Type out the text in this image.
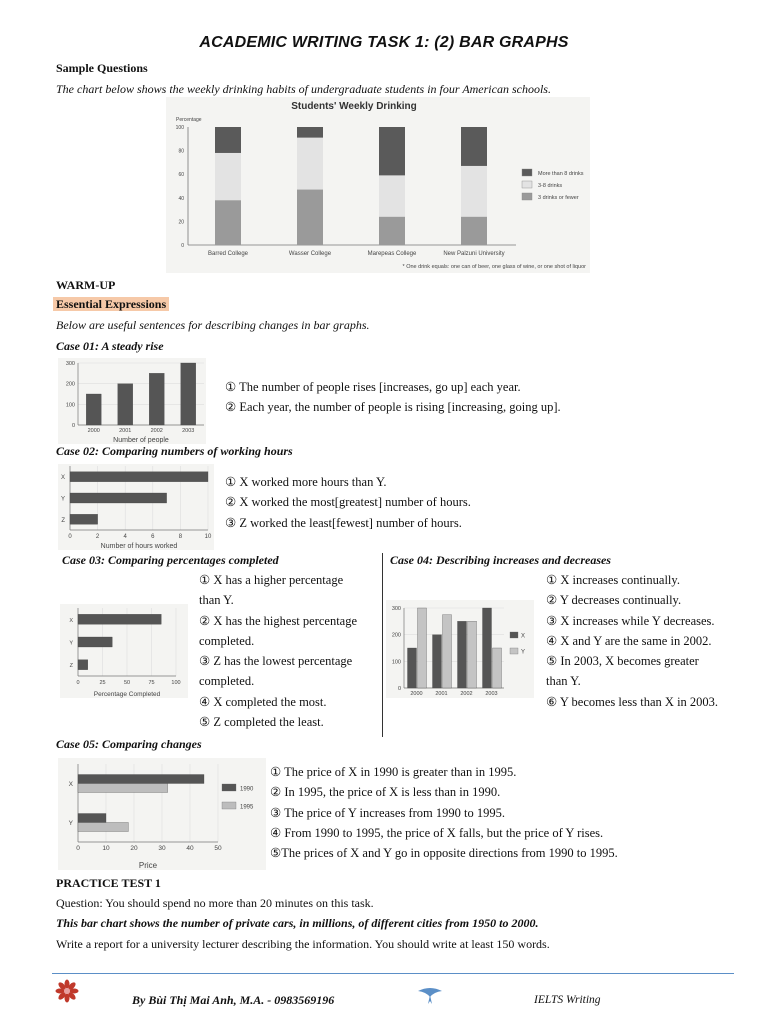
ACADEMIC WRITING TASK 1: (2) BAR GRAPHS
Sample Questions
The chart below shows the weekly drinking habits of undergraduate students in four American schools.
Students' Weekly Drinking
Percentage
0
20
40
60
80
100
Barred College	Wasser College	Marepeas College	New Palzuni University
More than 8 drinks
3-8 drinks
3 drinks or fewer
* One drink equals: one can of beer, one glass of wine, or one shot of liquor
WARM-UP
Essential Expressions
Below are useful sentences for describing changes in bar graphs.
Case 01: A steady rise
0
100
200
300
2000	2001	2002	2003
Number of people
① The number of people rises [increases, go up] each year.
② Each year, the number of people is rising [increasing, going up].
Case 02: Comparing numbers of working hours
0	2	4	6	8	10
X
Y
Z
Number of hours worked
① X worked more hours than Y.
② X worked the most[greatest] number of hours.
③ Z worked the least[fewest] number of hours.
Case 03: Comparing percentages completed
0	25	50	75	100
X
Y
Z
Percentage Completed
① X has a higher percentage
than Y.
② X has the highest percentage
completed.
③ Z has the lowest percentage
completed.
④ X completed the most.
⑤ Z completed the least.
Case 04: Describing increases and decreases
0
100
200
300
2000 2001 2002 2003
X
Y
① X increases continually.
② Y decreases continually.
③ X increases while Y decreases.
④ X and Y are the same in 2002.
⑤ In 2003, X becomes greater
than Y.
⑥ Y becomes less than X in 2003.
Case 05: Comparing changes
0	10	20	30	40	50
X
Y
Price
1990
1995
① The price of X in 1990 is greater than in 1995.
② In 1995, the price of X is less than in 1990.
③ The price of Y increases from 1990 to 1995.
④ From 1990 to 1995, the price of X falls, but the price of Y rises.
⑤The prices of X and Y go in opposite directions from 1990 to 1995.
PRACTICE TEST 1
Question: You should spend no more than 20 minutes on this task.
This bar chart shows the number of private cars, in millions, of different cities from 1950 to 2000.
Write a report for a university lecturer describing the information. You should write at least 150 words.
By Bùi Thị Mai Anh, M.A. - 0983569196	IELTS Writing
